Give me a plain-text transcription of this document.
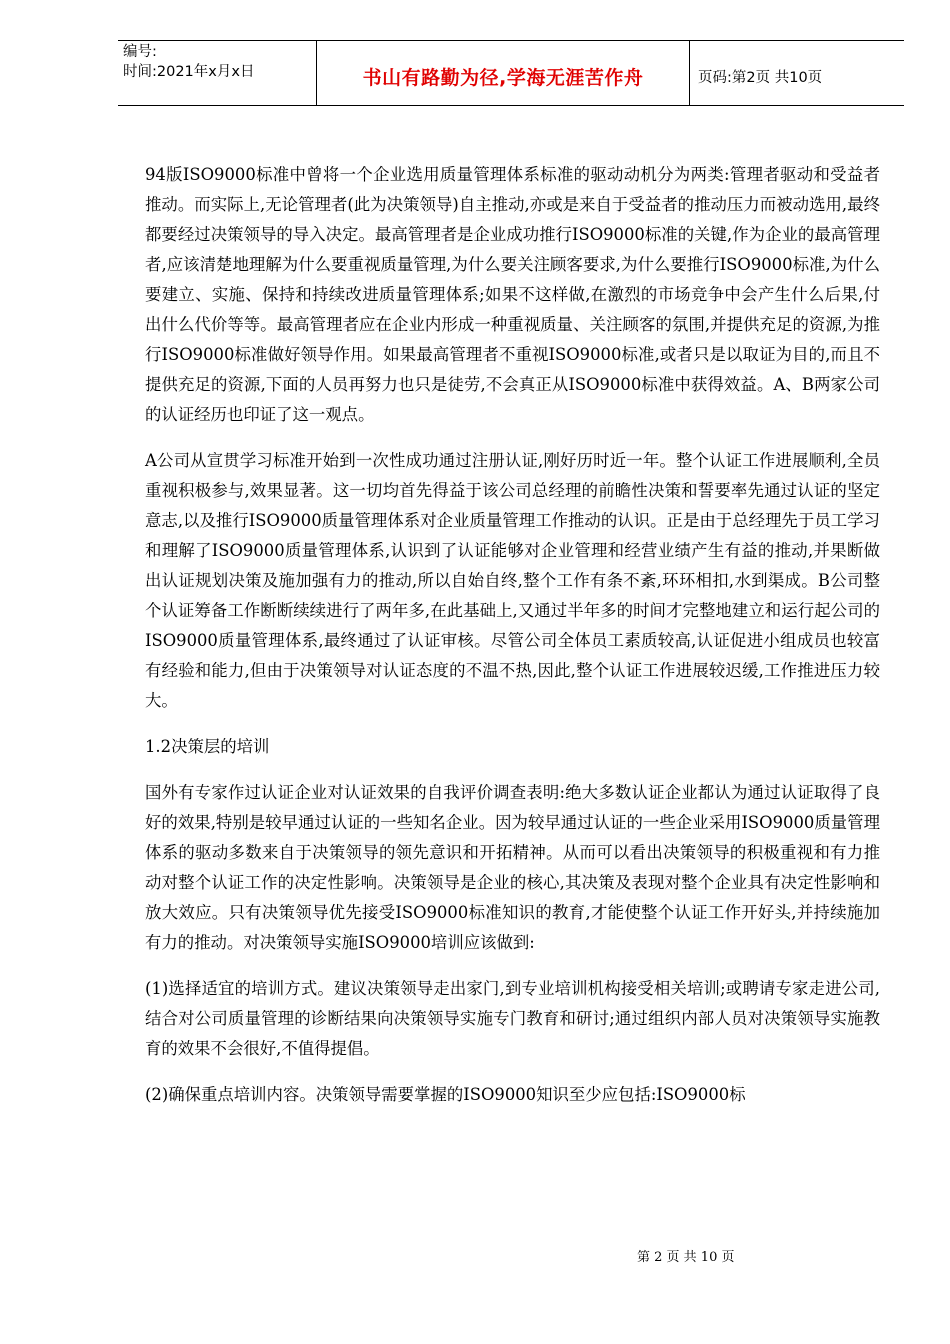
编号:
时间:2021年x月x日	书山有路勤为径,学海无涯苦作舟	页码:第2页 共10页

94版ISO9000标准中曾将一个企业选用质量管理体系标准的驱动动机分为两类:管理者驱动和受益者推动。而实际上,无论管理者(此为决策领导)自主推动,亦或是来自于受益者的推动压力而被动选用,最终都要经过决策领导的导入决定。最高管理者是企业成功推行ISO9000标准的关键,作为企业的最高管理者,应该清楚地理解为什么要重视质量管理,为什么要关注顾客要求,为什么要推行ISO9000标准,为什么要建立、实施、保持和持续改进质量管理体系;如果不这样做,在激烈的市场竞争中会产生什么后果,付出什么代价等等。最高管理者应在企业内形成一种重视质量、关注顾客的氛围,并提供充足的资源,为推行ISO9000标准做好领导作用。如果最高管理者不重视ISO9000标准,或者只是以取证为目的,而且不提供充足的资源,下面的人员再努力也只是徒劳,不会真正从ISO9000标准中获得效益。A、B两家公司的认证经历也印证了这一观点。

A公司从宣贯学习标准开始到一次性成功通过注册认证,刚好历时近一年。整个认证工作进展顺利,全员重视积极参与,效果显著。这一切均首先得益于该公司总经理的前瞻性决策和誓要率先通过认证的坚定意志,以及推行ISO9000质量管理体系对企业质量管理工作推动的认识。正是由于总经理先于员工学习和理解了ISO9000质量管理体系,认识到了认证能够对企业管理和经营业绩产生有益的推动,并果断做出认证规划决策及施加强有力的推动,所以自始自终,整个工作有条不紊,环环相扣,水到渠成。B公司整个认证筹备工作断断续续进行了两年多,在此基础上,又通过半年多的时间才完整地建立和运行起公司的ISO9000质量管理体系,最终通过了认证审核。尽管公司全体员工素质较高,认证促进小组成员也较富有经验和能力,但由于决策领导对认证态度的不温不热,因此,整个认证工作进展较迟缓,工作推进压力较大。

1.2决策层的培训

国外有专家作过认证企业对认证效果的自我评价调查表明:绝大多数认证企业都认为通过认证取得了良好的效果,特别是较早通过认证的一些知名企业。因为较早通过认证的一些企业采用ISO9000质量管理体系的驱动多数来自于决策领导的领先意识和开拓精神。从而可以看出决策领导的积极重视和有力推动对整个认证工作的决定性影响。决策领导是企业的核心,其决策及表现对整个企业具有决定性影响和放大效应。只有决策领导优先接受ISO9000标准知识的教育,才能使整个认证工作开好头,并持续施加有力的推动。对决策领导实施ISO9000培训应该做到:

(1)选择适宜的培训方式。建议决策领导走出家门,到专业培训机构接受相关培训;或聘请专家走进公司,结合对公司质量管理的诊断结果向决策领导实施专门教育和研讨;通过组织内部人员对决策领导实施教育的效果不会很好,不值得提倡。

(2)确保重点培训内容。决策领导需要掌握的ISO9000知识至少应包括:ISO9000标

第 2 页 共 10 页
